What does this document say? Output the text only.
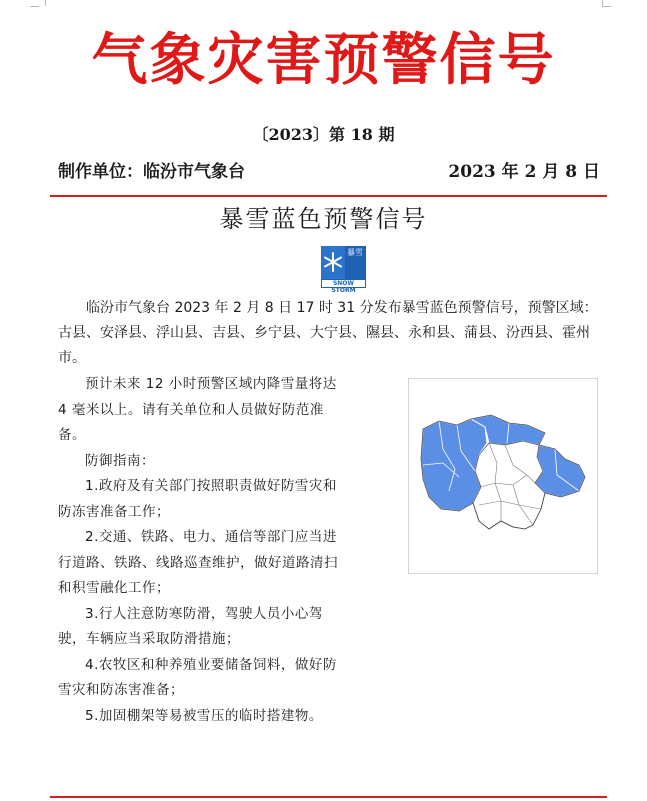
气象灾害预警信号
〔2023〕第 18 期
制作单位：临汾市气象台	2023 年 2 月 8 日
暴雪蓝色预警信号
暴雪
SNOW STORM

临汾市气象台 2023 年 2 月 8 日 17 时 31 分发布暴雪蓝色预警信号，预警区域：古县、安泽县、浮山县、吉县、乡宁县、大宁县、隰县、永和县、蒲县、汾西县、霍州市。

预计未来 12 小时预警区域内降雪量将达 4 毫米以上。请有关单位和人员做好防范准备。

防御指南：

1.政府及有关部门按照职责做好防雪灾和防冻害准备工作；

2.交通、铁路、电力、通信等部门应当进行道路、铁路、线路巡查维护，做好道路清扫和积雪融化工作；

3.行人注意防寒防滑，驾驶人员小心驾驶，车辆应当采取防滑措施；

4.农牧区和种养殖业要储备饲料，做好防雪灾和防冻害准备；

5.加固棚架等易被雪压的临时搭建物。
